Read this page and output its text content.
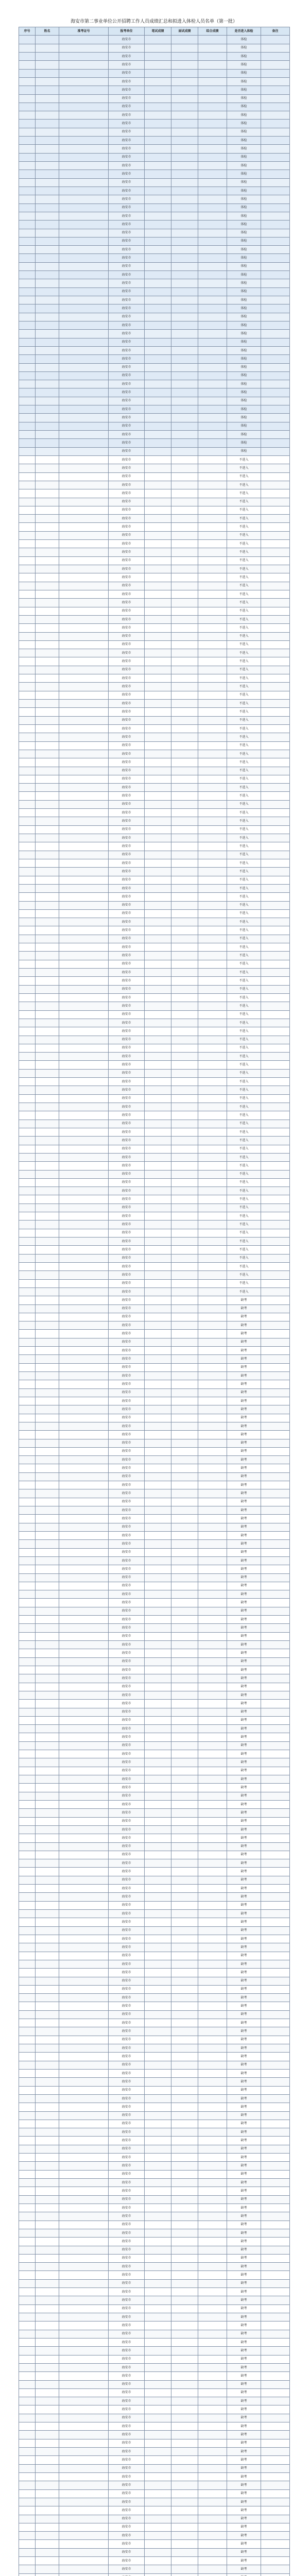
海安市第二事业单位公开招聘工作人员成绩汇总和拟进入体检人员名单（第一批）
序号	姓名	准考证号	报考单位	笔试成绩	面试成绩	综合成绩	是否进入体检	备注
			海安市				体检	
			海安市				体检	
			海安市				体检	
			海安市				体检	
			海安市				体检	
			海安市				体检	
			海安市				体检	
			海安市				体检	
			海安市				体检	
			海安市				体检	
			海安市				体检	
			海安市				体检	
			海安市				体检	
			海安市				体检	
			海安市				体检	
			海安市				体检	
			海安市				体检	
			海安市				体检	
			海安市				体检	
			海安市				体检	
			海安市				体检	
			海安市				体检	
			海安市				体检	
			海安市				体检	
			海安市				体检	
			海安市				体检	
			海安市				体检	
			海安市				体检	
			海安市				体检	
			海安市				体检	
			海安市				体检	
			海安市				体检	
			海安市				体检	
			海安市				体检	
			海安市				体检	
			海安市				体检	
			海安市				体检	
			海安市				体检	
			海安市				体检	
			海安市				体检	
			海安市				体检	
			海安市				体检	
			海安市				体检	
			海安市				体检	
			海安市				体检	
			海安市				体检	
			海安市				体检	
			海安市				体检	
			海安市				体检	
			海安市				体检	
			海安市				不进入	
			海安市				不进入	
			海安市				不进入	
			海安市				不进入	
			海安市				不进入	
			海安市				不进入	
			海安市				不进入	
			海安市				不进入	
			海安市				不进入	
			海安市				不进入	
			海安市				不进入	
			海安市				不进入	
			海安市				不进入	
			海安市				不进入	
			海安市				不进入	
			海安市				不进入	
			海安市				不进入	
			海安市				不进入	
			海安市				不进入	
			海安市				不进入	
			海安市				不进入	
			海安市				不进入	
			海安市				不进入	
			海安市				不进入	
			海安市				不进入	
			海安市				不进入	
			海安市				不进入	
			海安市				不进入	
			海安市				不进入	
			海安市				不进入	
			海安市				不进入	
			海安市				不进入	
			海安市				不进入	
			海安市				不进入	
			海安市				不进入	
			海安市				不进入	
			海安市				不进入	
			海安市				不进入	
			海安市				不进入	
			海安市				不进入	
			海安市				不进入	
			海安市				不进入	
			海安市				不进入	
			海安市				不进入	
			海安市				不进入	
			海安市				不进入	
			海安市				不进入	
			海安市				不进入	
			海安市				不进入	
			海安市				不进入	
			海安市				不进入	
			海安市				不进入	
			海安市				不进入	
			海安市				不进入	
			海安市				不进入	
			海安市				不进入	
			海安市				不进入	
			海安市				不进入	
			海安市				不进入	
			海安市				不进入	
			海安市				不进入	
			海安市				不进入	
			海安市				不进入	
			海安市				不进入	
			海安市				不进入	
			海安市				不进入	
			海安市				不进入	
			海安市				不进入	
			海安市				不进入	
			海安市				不进入	
			海安市				不进入	
			海安市				不进入	
			海安市				不进入	
			海安市				不进入	
			海安市				不进入	
			海安市				不进入	
			海安市				不进入	
			海安市				不进入	
			海安市				不进入	
			海安市				不进入	
			海安市				不进入	
			海安市				不进入	
			海安市				不进入	
			海安市				不进入	
			海安市				不进入	
			海安市				不进入	
			海安市				不进入	
			海安市				不进入	
			海安市				不进入	
			海安市				不进入	
			海安市				不进入	
			海安市				不进入	
			海安市				不进入	
			海安市				不进入	
			海安市				不进入	
			海安市				不进入	
			海安市				不进入	
			海安市				不进入	
			海安市				不进入	
			海安市				不进入	
			海安市				缺考	
			海安市				缺考	
			海安市				缺考	
			海安市				缺考	
			海安市				缺考	
			海安市				缺考	
			海安市				缺考	
			海安市				缺考	
			海安市				缺考	
			海安市				缺考	
			海安市				缺考	
			海安市				缺考	
			海安市				缺考	
			海安市				缺考	
			海安市				缺考	
			海安市				缺考	
			海安市				缺考	
			海安市				缺考	
			海安市				缺考	
			海安市				缺考	
			海安市				缺考	
			海安市				缺考	
			海安市				缺考	
			海安市				缺考	
			海安市				缺考	
			海安市				缺考	
			海安市				缺考	
			海安市				缺考	
			海安市				缺考	
			海安市				缺考	
			海安市				缺考	
			海安市				缺考	
			海安市				缺考	
			海安市				缺考	
			海安市				缺考	
			海安市				缺考	
			海安市				缺考	
			海安市				缺考	
			海安市				缺考	
			海安市				缺考	
			海安市				缺考	
			海安市				缺考	
			海安市				缺考	
			海安市				缺考	
			海安市				缺考	
			海安市				缺考	
			海安市				缺考	
			海安市				缺考	
			海安市				缺考	
			海安市				缺考	
			海安市				缺考	
			海安市				缺考	
			海安市				缺考	
			海安市				缺考	
			海安市				缺考	
			海安市				缺考	
			海安市				缺考	
			海安市				缺考	
			海安市				缺考	
			海安市				缺考	
			海安市				缺考	
			海安市				缺考	
			海安市				缺考	
			海安市				缺考	
			海安市				缺考	
			海安市				缺考	
			海安市				缺考	
			海安市				缺考	
			海安市				缺考	
			海安市				缺考	
			海安市				缺考	
			海安市				缺考	
			海安市				缺考	
			海安市				缺考	
			海安市				缺考	
			海安市				缺考	
			海安市				缺考	
			海安市				缺考	
			海安市				缺考	
			海安市				缺考	
			海安市				缺考	
			海安市				缺考	
			海安市				缺考	
			海安市				缺考	
			海安市				缺考	
			海安市				缺考	
			海安市				缺考	
			海安市				缺考	
			海安市				缺考	
			海安市				缺考	
			海安市				缺考	
			海安市				缺考	
			海安市				缺考	
			海安市				缺考	
			海安市				缺考	
			海安市				缺考	
			海安市				缺考	
			海安市				缺考	
			海安市				缺考	
			海安市				缺考	
			海安市				缺考	
			海安市				缺考	
			海安市				缺考	
			海安市				缺考	
			海安市				缺考	
			海安市				缺考	
			海安市				缺考	
			海安市				缺考	
			海安市				缺考	
			海安市				缺考	
			海安市				缺考	
			海安市				缺考	
			海安市				缺考	
			海安市				缺考	
			海安市				缺考	
			海安市				缺考	
			海安市				缺考	
			海安市				缺考	
			海安市				缺考	
			海安市				缺考	
			海安市				缺考	
			海安市				缺考	
			海安市				缺考	
			海安市				缺考	
			海安市				缺考	
			海安市				缺考	
			海安市				缺考	
			海安市				缺考	
			海安市				缺考	
			海安市				缺考	
			海安市				缺考	
			海安市				缺考	
			海安市				缺考	
			海安市				缺考	
			海安市				缺考	
			海安市				缺考	
			海安市				缺考	
			海安市				缺考	
			海安市				缺考	
			海安市				缺考	
			海安市				缺考	
			海安市				缺考	
			海安市				缺考	
			海安市				缺考	
			海安市				缺考	
			海安市				缺考	
			海安市				缺考	
			海安市				缺考	
			海安市				缺考	
			海安市				缺考	
			海安市				缺考	
			海安市				缺考	
